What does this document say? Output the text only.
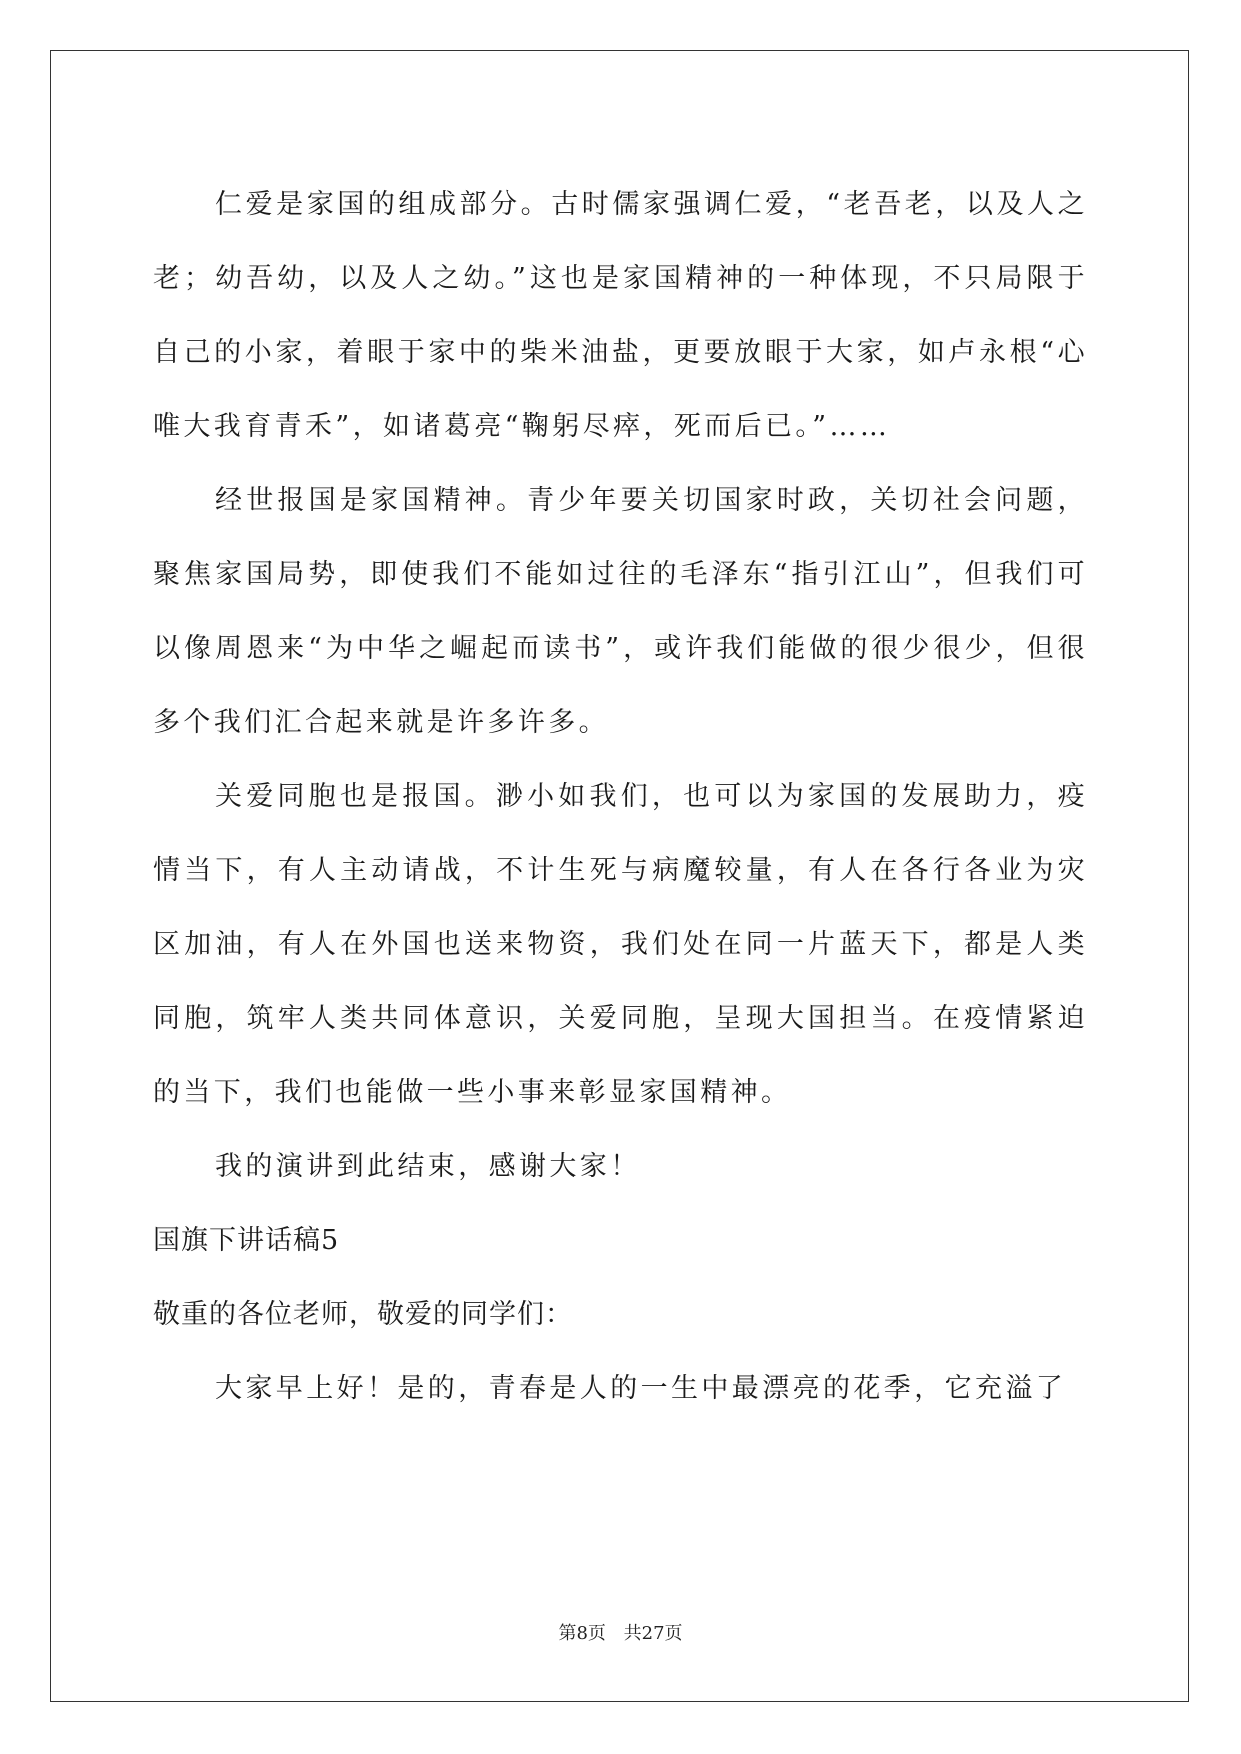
仁爱是家国的组成部分。古时儒家强调仁爱，“老吾老，以及人之老；幼吾幼，以及人之幼。”这也是家国精神的一种体现，不只局限于自己的小家，着眼于家中的柴米油盐，更要放眼于大家，如卢永根“心唯大我育青禾”，如诸葛亮“鞠躬尽瘁，死而后已。”……

经世报国是家国精神。青少年要关切国家时政，关切社会问题，聚焦家国局势，即使我们不能如过往的毛泽东“指引江山”，但我们可以像周恩来“为中华之崛起而读书”，或许我们能做的很少很少，但很多个我们汇合起来就是许多许多。

关爱同胞也是报国。渺小如我们，也可以为家国的发展助力，疫情当下，有人主动请战，不计生死与病魔较量，有人在各行各业为灾区加油，有人在外国也送来物资，我们处在同一片蓝天下，都是人类同胞，筑牢人类共同体意识，关爱同胞，呈现大国担当。在疫情紧迫的当下，我们也能做一些小事来彰显家国精神。

我的演讲到此结束，感谢大家！

国旗下讲话稿5

敬重的各位老师，敬爱的同学们：

大家早上好！是的，青春是人的一生中最漂亮的花季，它充溢了

第8页 共27页
